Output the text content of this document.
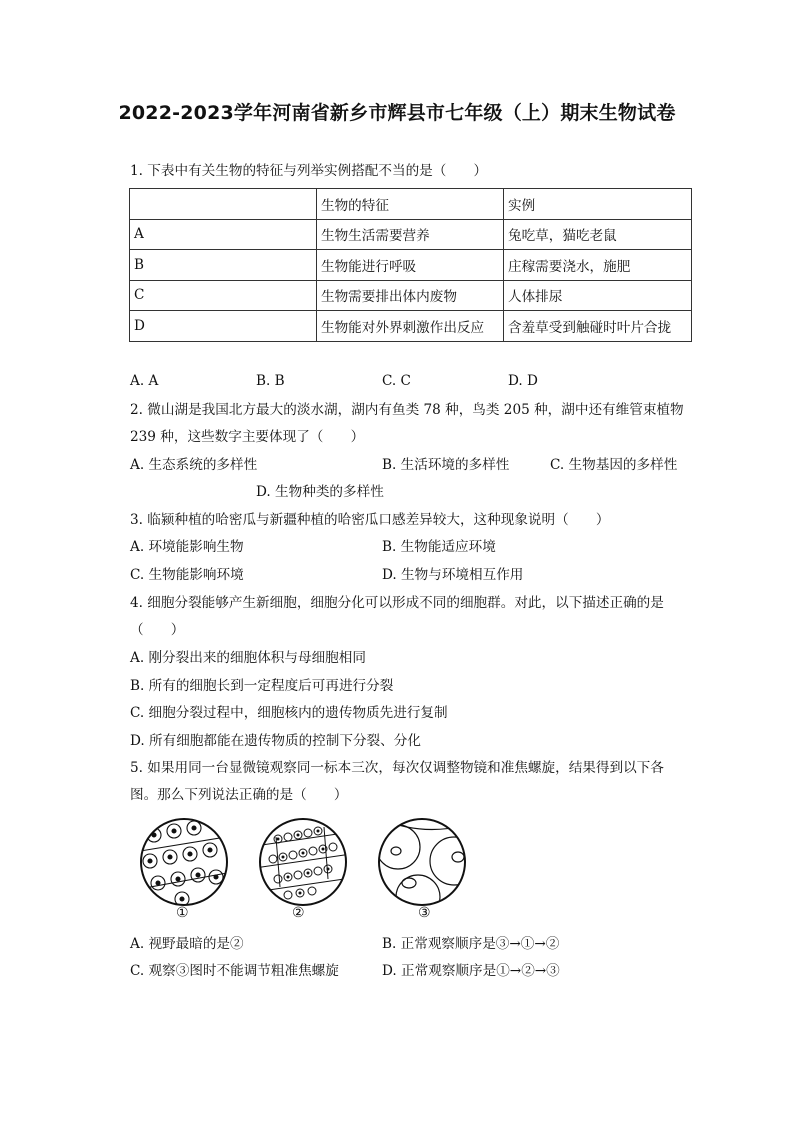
2022-2023学年河南省新乡市辉县市七年级（上）期末生物试卷
1. 下表中有关生物的特征与列举实例搭配不当的是（　　）
	生物的特征	实例
A	生物生活需要营养	兔吃草，猫吃老鼠
B	生物能进行呼吸	庄稼需要浇水，施肥
C	生物需要排出体内废物	人体排尿
D	生物能对外界刺激作出反应	含羞草受到触碰时叶片合拢
A. A	B. B	C. C	D. D
2. 微山湖是我国北方最大的淡水湖，湖内有鱼类 78 种，鸟类 205 种，湖中还有维管束植物
239 种，这些数字主要体现了（　　）
A. 生态系统的多样性	B. 生活环境的多样性	C. 生物基因的多样性
D. 生物种类的多样性
3. 临颍种植的哈密瓜与新疆种植的哈密瓜口感差异较大，这种现象说明（　　）
A. 环境能影响生物	B. 生物能适应环境
C. 生物能影响环境	D. 生物与环境相互作用
4. 细胞分裂能够产生新细胞，细胞分化可以形成不同的细胞群。对此，以下描述正确的是
（　　）
A. 刚分裂出来的细胞体积与母细胞相同
B. 所有的细胞长到一定程度后可再进行分裂
C. 细胞分裂过程中，细胞核内的遗传物质先进行复制
D. 所有细胞都能在遗传物质的控制下分裂、分化
5. 如果用同一台显微镜观察同一标本三次，每次仅调整物镜和准焦螺旋，结果得到以下各
图。那么下列说法正确的是（　　）
①	②	③
A. 视野最暗的是②	B. 正常观察顺序是③→①→②
C. 观察③图时不能调节粗准焦螺旋	D. 正常观察顺序是①→②→③
